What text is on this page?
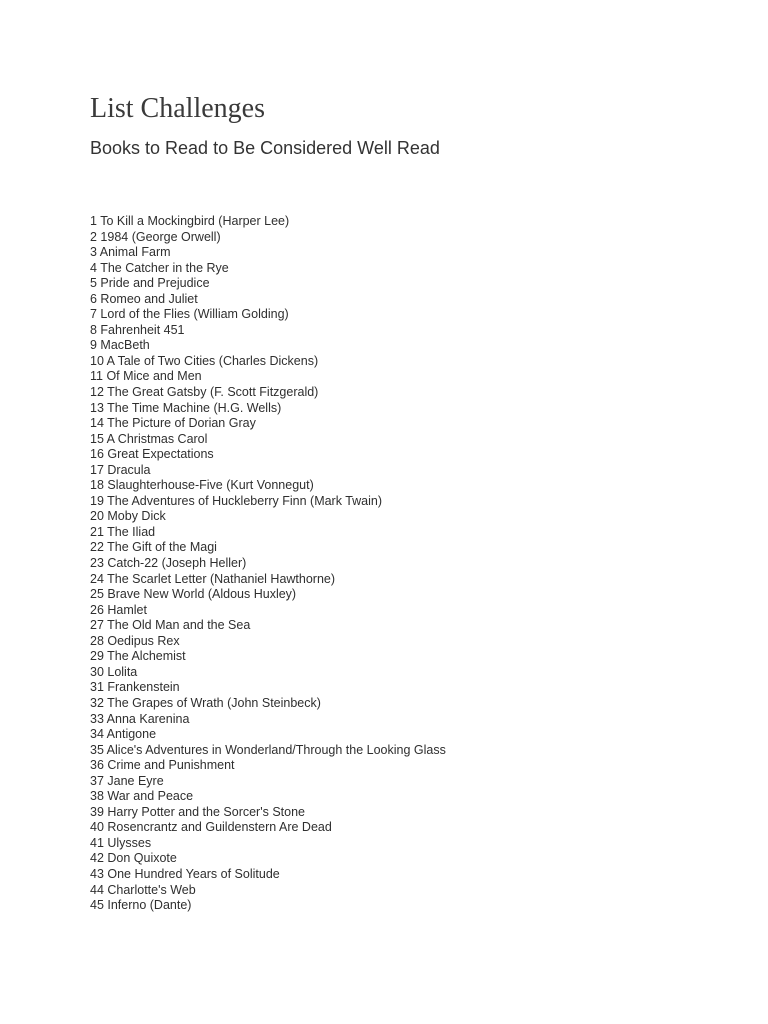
List Challenges
Books to Read to Be Considered Well Read
1 To Kill a Mockingbird (Harper Lee)
2 1984 (George Orwell)
3 Animal Farm
4 The Catcher in the Rye
5 Pride and Prejudice
6 Romeo and Juliet
7 Lord of the Flies (William Golding)
8 Fahrenheit 451
9 MacBeth
10 A Tale of Two Cities (Charles Dickens)
11 Of Mice and Men
12 The Great Gatsby (F. Scott Fitzgerald)
13 The Time Machine (H.G. Wells)
14 The Picture of Dorian Gray
15 A Christmas Carol
16 Great Expectations
17 Dracula
18 Slaughterhouse-Five (Kurt Vonnegut)
19 The Adventures of Huckleberry Finn (Mark Twain)
20 Moby Dick
21 The Iliad
22 The Gift of the Magi
23 Catch-22 (Joseph Heller)
24 The Scarlet Letter (Nathaniel Hawthorne)
25 Brave New World (Aldous Huxley)
26 Hamlet
27 The Old Man and the Sea
28 Oedipus Rex
29 The Alchemist
30 Lolita
31 Frankenstein
32 The Grapes of Wrath (John Steinbeck)
33 Anna Karenina
34 Antigone
35 Alice's Adventures in Wonderland/Through the Looking Glass
36 Crime and Punishment
37 Jane Eyre
38 War and Peace
39 Harry Potter and the Sorcer's Stone
40 Rosencrantz and Guildenstern Are Dead
41 Ulysses
42 Don Quixote
43 One Hundred Years of Solitude
44 Charlotte's Web
45 Inferno (Dante)
